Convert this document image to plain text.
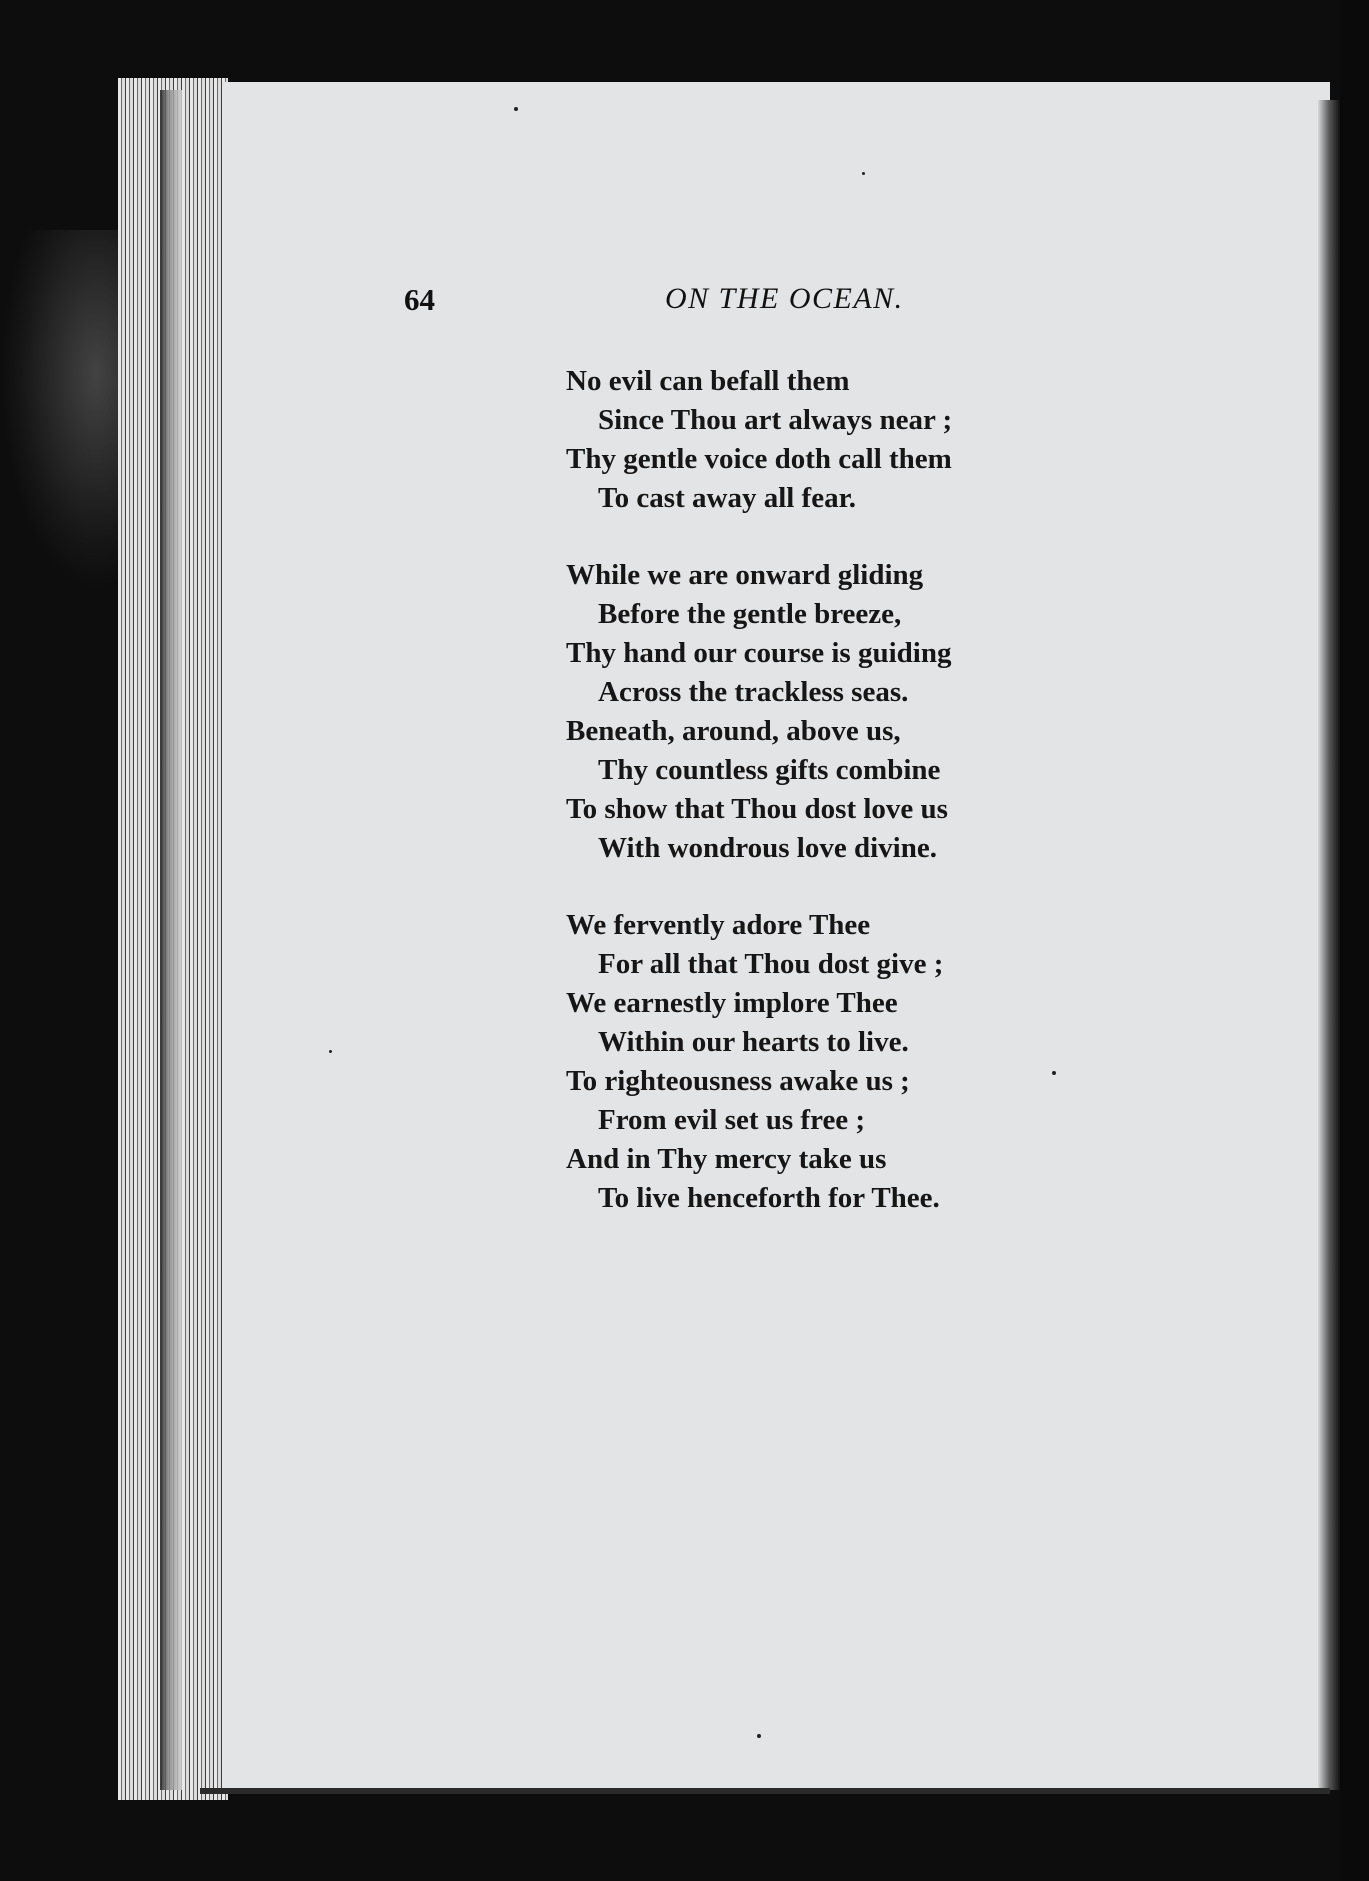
64	ON THE OCEAN.
No evil can befall them
Since Thou art always near ;
Thy gentle voice doth call them
To cast away all fear.
While we are onward gliding
Before the gentle breeze,
Thy hand our course is guiding
Across the trackless seas.
Beneath, around, above us,
Thy countless gifts combine
To show that Thou dost love us
With wondrous love divine.
We fervently adore Thee
For all that Thou dost give ;
We earnestly implore Thee
Within our hearts to live.
To righteousness awake us ;
From evil set us free ;
And in Thy mercy take us
To live henceforth for Thee.
